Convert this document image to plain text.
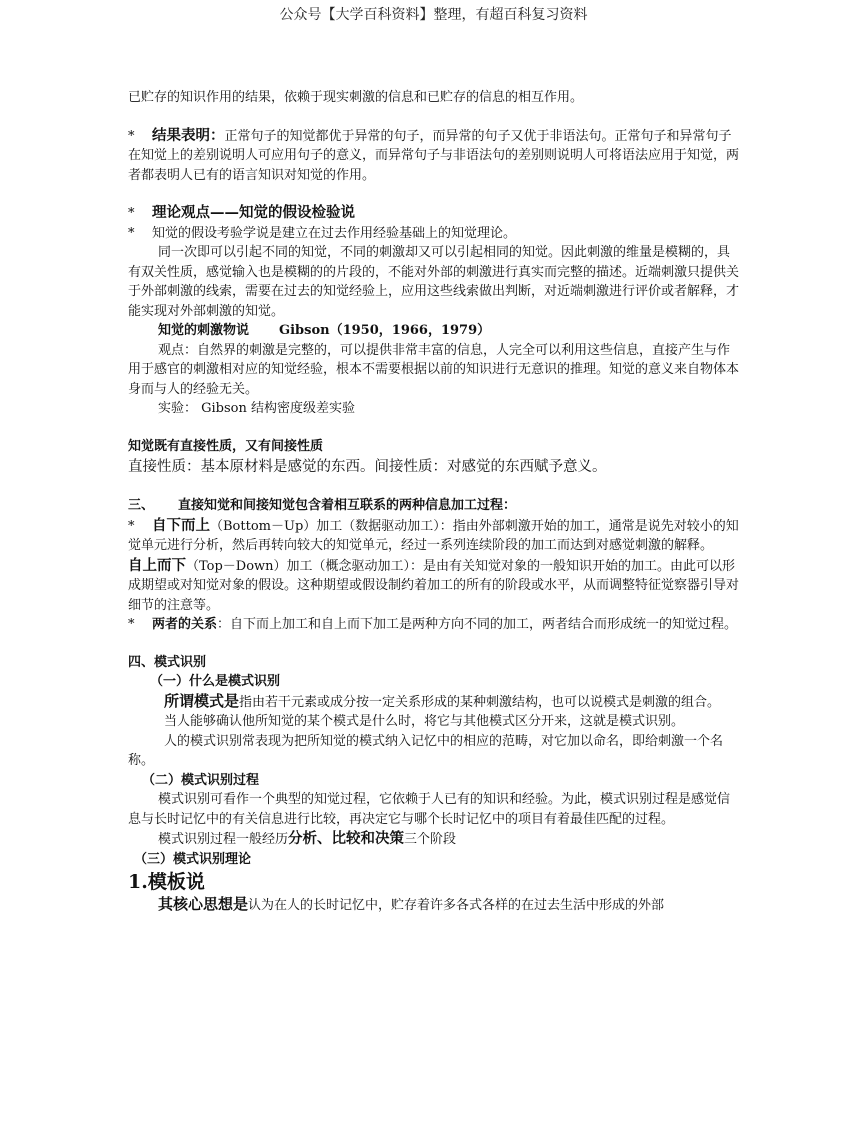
公众号【大学百科资料】整理，有超百科复习资料

已贮存的知识作用的结果，依赖于现实刺激的信息和已贮存的信息的相互作用。

* 结果表明：正常句子的知觉都优于异常的句子，而异常的句子又优于非语法句。正常句子和异常句子在知觉上的差别说明人可应用句子的意义，而异常句子与非语法句的差别则说明人可将语法应用于知觉，两者都表明人已有的语言知识对知觉的作用。

* 理论观点——知觉的假设检验说

* 知觉的假设考验学说是建立在过去作用经验基础上的知觉理论。

同一次即可以引起不同的知觉，不同的刺激却又可以引起相同的知觉。因此刺激的维量是模糊的，具有双关性质，感觉输入也是模糊的的片段的，不能对外部的刺激进行真实而完整的描述。近端刺激只提供关于外部刺激的线索，需要在过去的知觉经验上，应用这些线索做出判断，对近端刺激进行评价或者解释，才能实现对外部刺激的知觉。

知觉的刺激物说 Gibson（1950，1966，1979）

观点：自然界的刺激是完整的，可以提供非常丰富的信息，人完全可以利用这些信息，直接产生与作用于感官的刺激相对应的知觉经验，根本不需要根据以前的知识进行无意识的推理。知觉的意义来自物体本身而与人的经验无关。

实验： Gibson 结构密度级差实验

知觉既有直接性质，又有间接性质

直接性质：基本原材料是感觉的东西。间接性质：对感觉的东西赋予意义。

三、 直接知觉和间接知觉包含着相互联系的两种信息加工过程：

* 自下而上（Bottom－Up）加工（数据驱动加工）：指由外部刺激开始的加工，通常是说先对较小的知觉单元进行分析，然后再转向较大的知觉单元，经过一系列连续阶段的加工而达到对感觉刺激的解释。

自上而下（Top－Down）加工（概念驱动加工）：是由有关知觉对象的一般知识开始的加工。由此可以形成期望或对知觉对象的假设。这种期望或假设制约着加工的所有的阶段或水平，从而调整特征觉察器引导对细节的注意等。

* 两者的关系：自下而上加工和自上而下加工是两种方向不同的加工，两者结合而形成统一的知觉过程。

四、模式识别

（一）什么是模式识别

所谓模式是指由若干元素或成分按一定关系形成的某种刺激结构，也可以说模式是刺激的组合。

当人能够确认他所知觉的某个模式是什么时，将它与其他模式区分开来，这就是模式识别。

人的模式识别常表现为把所知觉的模式纳入记忆中的相应的范畴，对它加以命名，即给刺激一个名称。

（二）模式识别过程

模式识别可看作一个典型的知觉过程，它依赖于人已有的知识和经验。为此，模式识别过程是感觉信息与长时记忆中的有关信息进行比较，再决定它与哪个长时记忆中的项目有着最佳匹配的过程。

模式识别过程一般经历分析、比较和决策三个阶段

（三）模式识别理论

1.模板说

其核心思想是认为在人的长时记忆中，贮存着许多各式各样的在过去生活中形成的外部
